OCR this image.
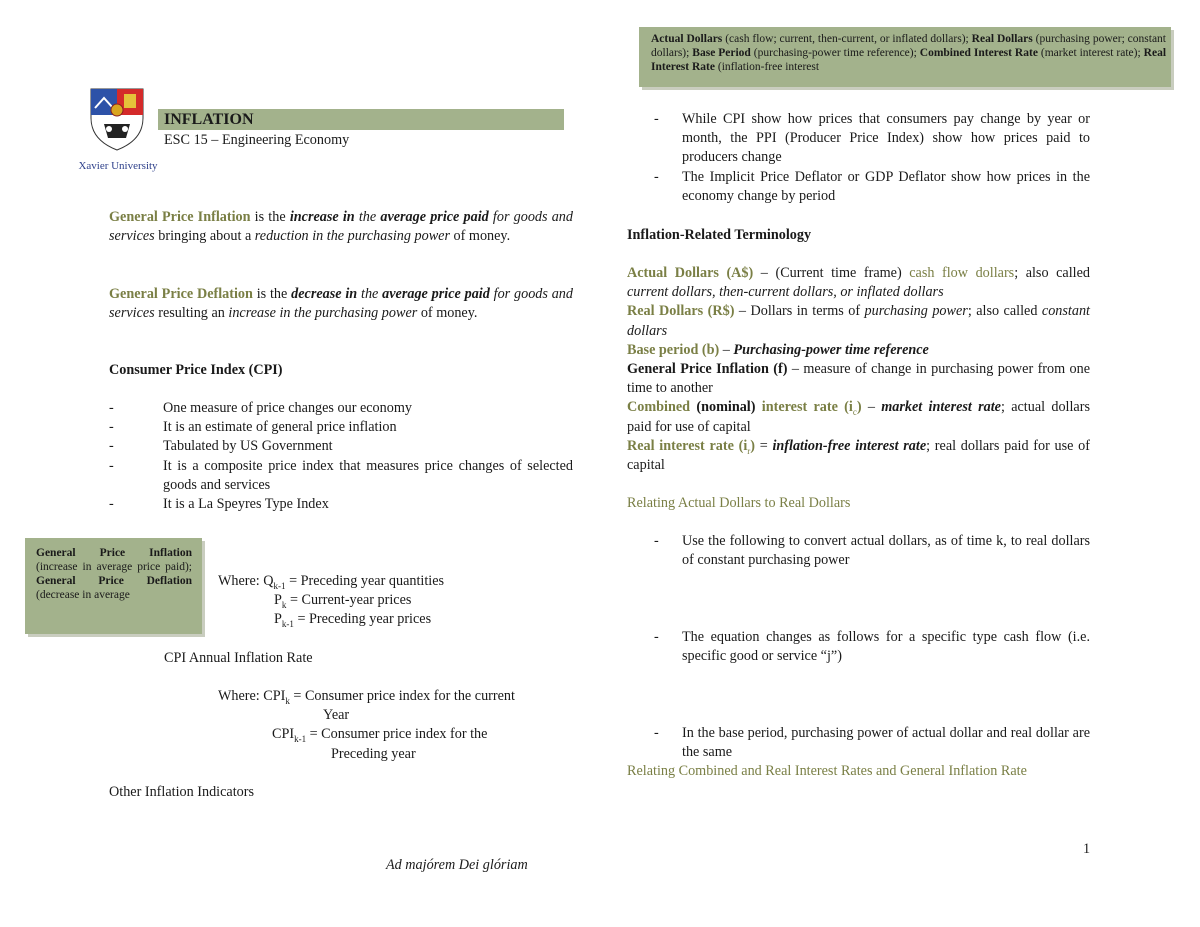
Actual Dollars (cash flow; current, then-current, or inflated dollars); Real Dollars (purchasing power; constant dollars); Base Period (purchasing-power time reference); Combined Interest Rate (market interest rate); Real Interest Rate (inflation-free interest
Xavier University
INFLATION
ESC 15 – Engineering Economy

General Price Inflation is the increase in the average price paid for goods and services bringing about a reduction in the purchasing power of money.

General Price Deflation is the decrease in the average price paid for goods and services resulting an increase in the purchasing power of money.

Consumer Price Index (CPI)
- One measure of price changes our economy
- It is an estimate of general price inflation
- Tabulated by US Government
- It is a composite price index that measures price changes of selected goods and services
- It is a La Speyres Type Index
General Price Inflation (increase in average price paid); General Price Deflation (decrease in average
Where: $Q_{k-1}$ = Preceding year quantities
$P_k$ = Current-year prices
$P_{k-1}$ = Preceding year prices
CPI Annual Inflation Rate
Where: $CPI_k$ = Consumer price index for the current
Year
$CPI_{k-1}$ = Consumer price index for the
Preceding year
Other Inflation Indicators
- While CPI show how prices that consumers pay change by year or month, the PPI (Producer Price Index) show how prices paid to producers change
- The Implicit Price Deflator or GDP Deflator show how prices in the economy change by period
Inflation-Related Terminology

Actual Dollars (A$) – (Current time frame) cash flow dollars; also called current dollars, then-current dollars, or inflated dollars

Real Dollars (R$) – Dollars in terms of purchasing power; also called constant dollars

Base period (b) – Purchasing-power time reference

General Price Inflation (f) – measure of change in purchasing power from one time to another

Combined (nominal) interest rate $(i_c)$ – market interest rate; actual dollars paid for use of capital

Real interest rate $(i_r)$ = inflation-free interest rate; real dollars paid for use of capital

Relating Actual Dollars to Real Dollars
- Use the following to convert actual dollars, as of time k, to real dollars of constant purchasing power
- The equation changes as follows for a specific type cash flow (i.e. specific good or service “j”)
- In the base period, purchasing power of actual dollar and real dollar are the same
Relating Combined and Real Interest Rates and General Inflation Rate
1
Ad majórem Dei glóriam
